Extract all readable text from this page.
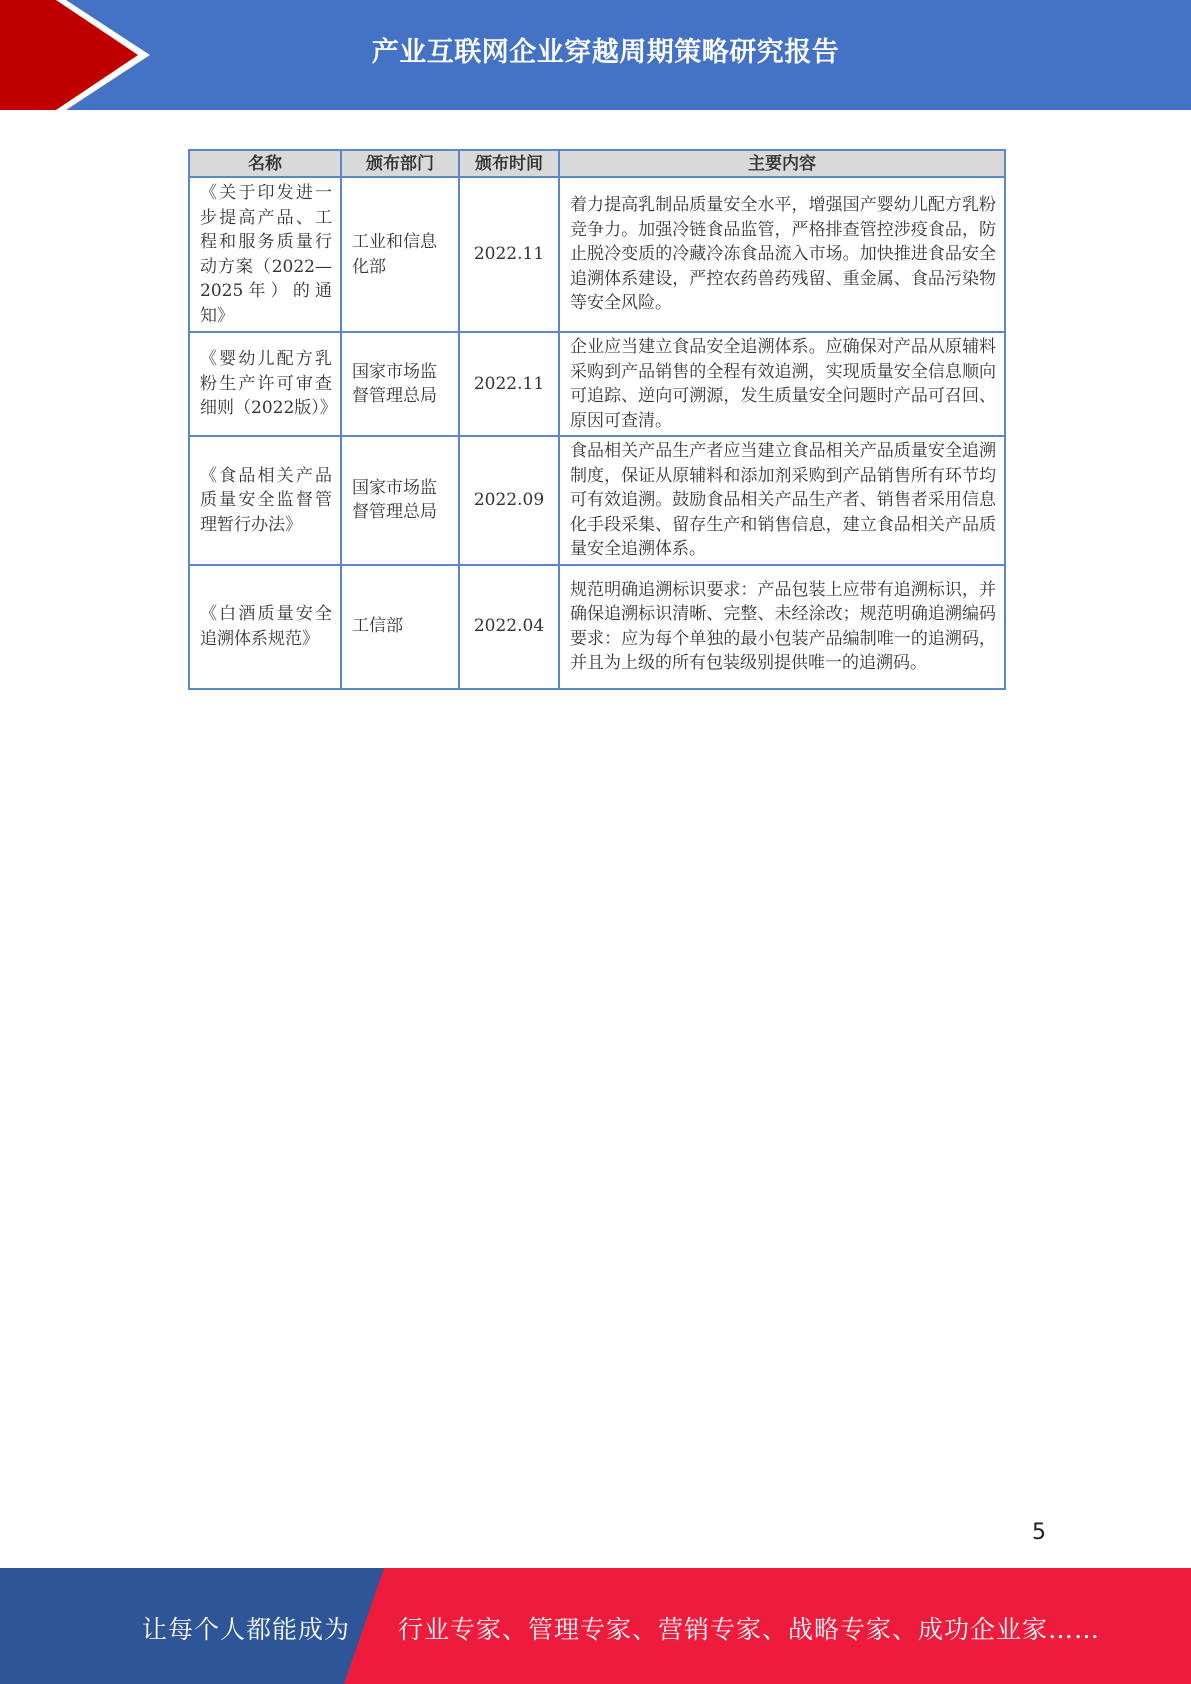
产业互联网企业穿越周期策略研究报告
名称	颁布部门	颁布时间	主要内容
《关于印发进一步提高产品、工程和服务质量行动方案（2022—2025年）的通知》	工业和信息化部	2022.11	着力提高乳制品质量安全水平，增强国产婴幼儿配方乳粉竞争力。加强冷链食品监管，严格排查管控涉疫食品，防止脱冷变质的冷藏冷冻食品流入市场。加快推进食品安全追溯体系建设，严控农药兽药残留、重金属、食品污染物等安全风险。
《婴幼儿配方乳粉生产许可审查细则（2022版）》	国家市场监督管理总局	2022.11	企业应当建立食品安全追溯体系。应确保对产品从原辅料采购到产品销售的全程有效追溯，实现质量安全信息顺向可追踪、逆向可溯源，发生质量安全问题时产品可召回、原因可查清。
《食品相关产品质量安全监督管理暂行办法》	国家市场监督管理总局	2022.09	食品相关产品生产者应当建立食品相关产品质量安全追溯制度，保证从原辅料和添加剂采购到产品销售所有环节均可有效追溯。鼓励食品相关产品生产者、销售者采用信息化手段采集、留存生产和销售信息，建立食品相关产品质量安全追溯体系。
《白酒质量安全追溯体系规范》	工信部	2022.04	规范明确追溯标识要求：产品包装上应带有追溯标识，并确保追溯标识清晰、完整、未经涂改；规范明确追溯编码要求：应为每个单独的最小包装产品编制唯一的追溯码，并且为上级的所有包装级别提供唯一的追溯码。
5
让每个人都能成为 行业专家、管理专家、营销专家、战略专家、成功企业家……
